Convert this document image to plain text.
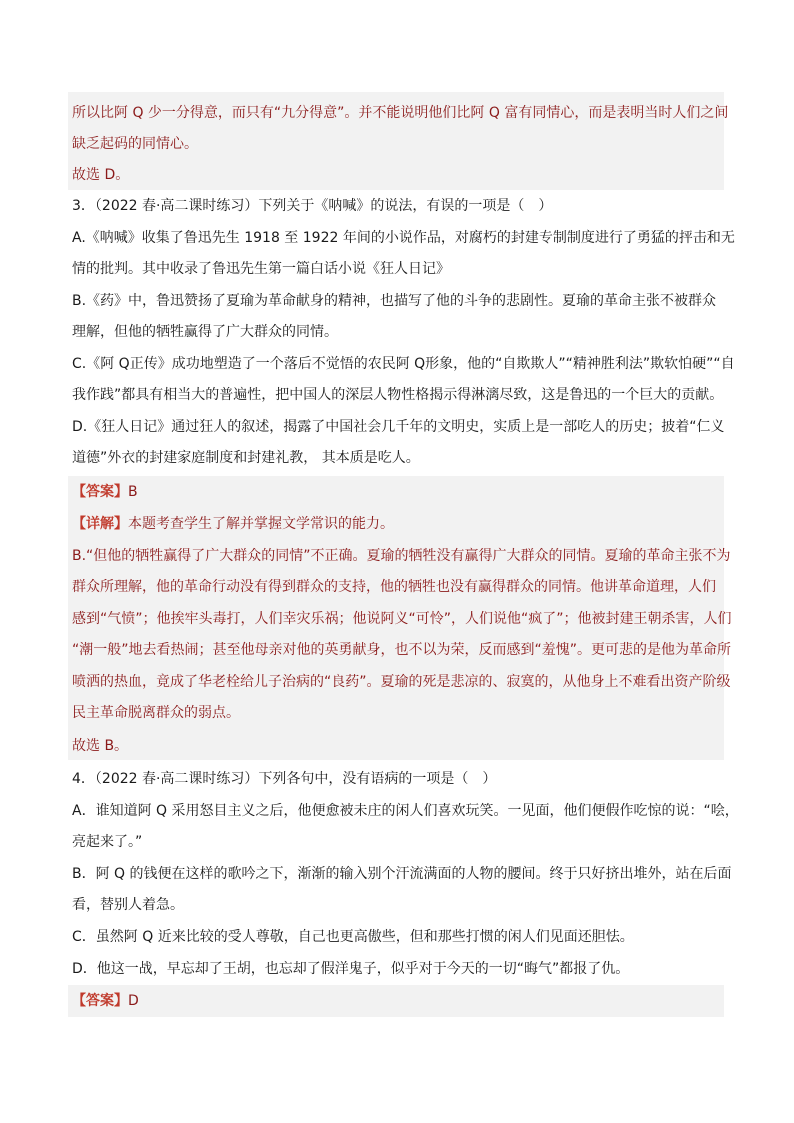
所以比阿 Q 少一分得意，而只有“九分得意”。并不能说明他们比阿 Q 富有同情心，而是表明当时人们之间
缺乏起码的同情心。
故选 D。
3．（2022 春·高二课时练习）下列关于《呐喊》的说法，有误的一项是（　）
A.《呐喊》收集了鲁迅先生 1918 至 1922 年间的小说作品，对腐朽的封建专制制度进行了勇猛的抨击和无
情的批判。其中收录了鲁迅先生第一篇白话小说《狂人日记》
B.《药》中，鲁迅赞扬了夏瑜为革命献身的精神，也描写了他的斗争的悲剧性。夏瑜的革命主张不被群众
理解，但他的牺牲赢得了广大群众的同情。
C.《阿 Q正传》成功地塑造了一个落后不觉悟的农民阿 Q形象，他的“自欺欺人”“精神胜利法”欺软怕硬”“自
我作践”都具有相当大的普遍性，把中国人的深层人物性格揭示得淋漓尽致，这是鲁迅的一个巨大的贡献。
D.《狂人日记》通过狂人的叙述，揭露了中国社会几千年的文明史，实质上是一部吃人的历史；披着“仁义
道德”外衣的封建家庭制度和封建礼教， 其本质是吃人。
【答案】B
【详解】本题考查学生了解并掌握文学常识的能力。
B.“但他的牺牲赢得了广大群众的同情”不正确。夏瑜的牺牲没有赢得广大群众的同情。夏瑜的革命主张不为
群众所理解，他的革命行动没有得到群众的支持，他的牺牲也没有赢得群众的同情。他讲革命道理，人们
感到“气愤”；他挨牢头毒打，人们幸灾乐祸；他说阿义“可怜”，人们说他“疯了”；他被封建王朝杀害，人们
“潮一般”地去看热闹；甚至他母亲对他的英勇献身，也不以为荣，反而感到“羞愧”。更可悲的是他为革命所
喷洒的热血，竟成了华老栓给儿子治病的“良药”。夏瑜的死是悲凉的、寂寞的，从他身上不难看出资产阶级
民主革命脱离群众的弱点。
故选 B。
4．（2022 春·高二课时练习）下列各句中，没有语病的一项是（　）
A．谁知道阿 Q 采用怒目主义之后，他便愈被未庄的闲人们喜欢玩笑。一见面，他们便假作吃惊的说：“哙，
亮起来了。”
B．阿 Q 的钱便在这样的歌吟之下，渐渐的输入别个汗流满面的人物的腰间。终于只好挤出堆外，站在后面
看，替别人着急。
C．虽然阿 Q 近来比较的受人尊敬，自己也更高傲些，但和那些打惯的闲人们见面还胆怯。
D．他这一战，早忘却了王胡，也忘却了假洋鬼子，似乎对于今天的一切“晦气”都报了仇。
【答案】D
